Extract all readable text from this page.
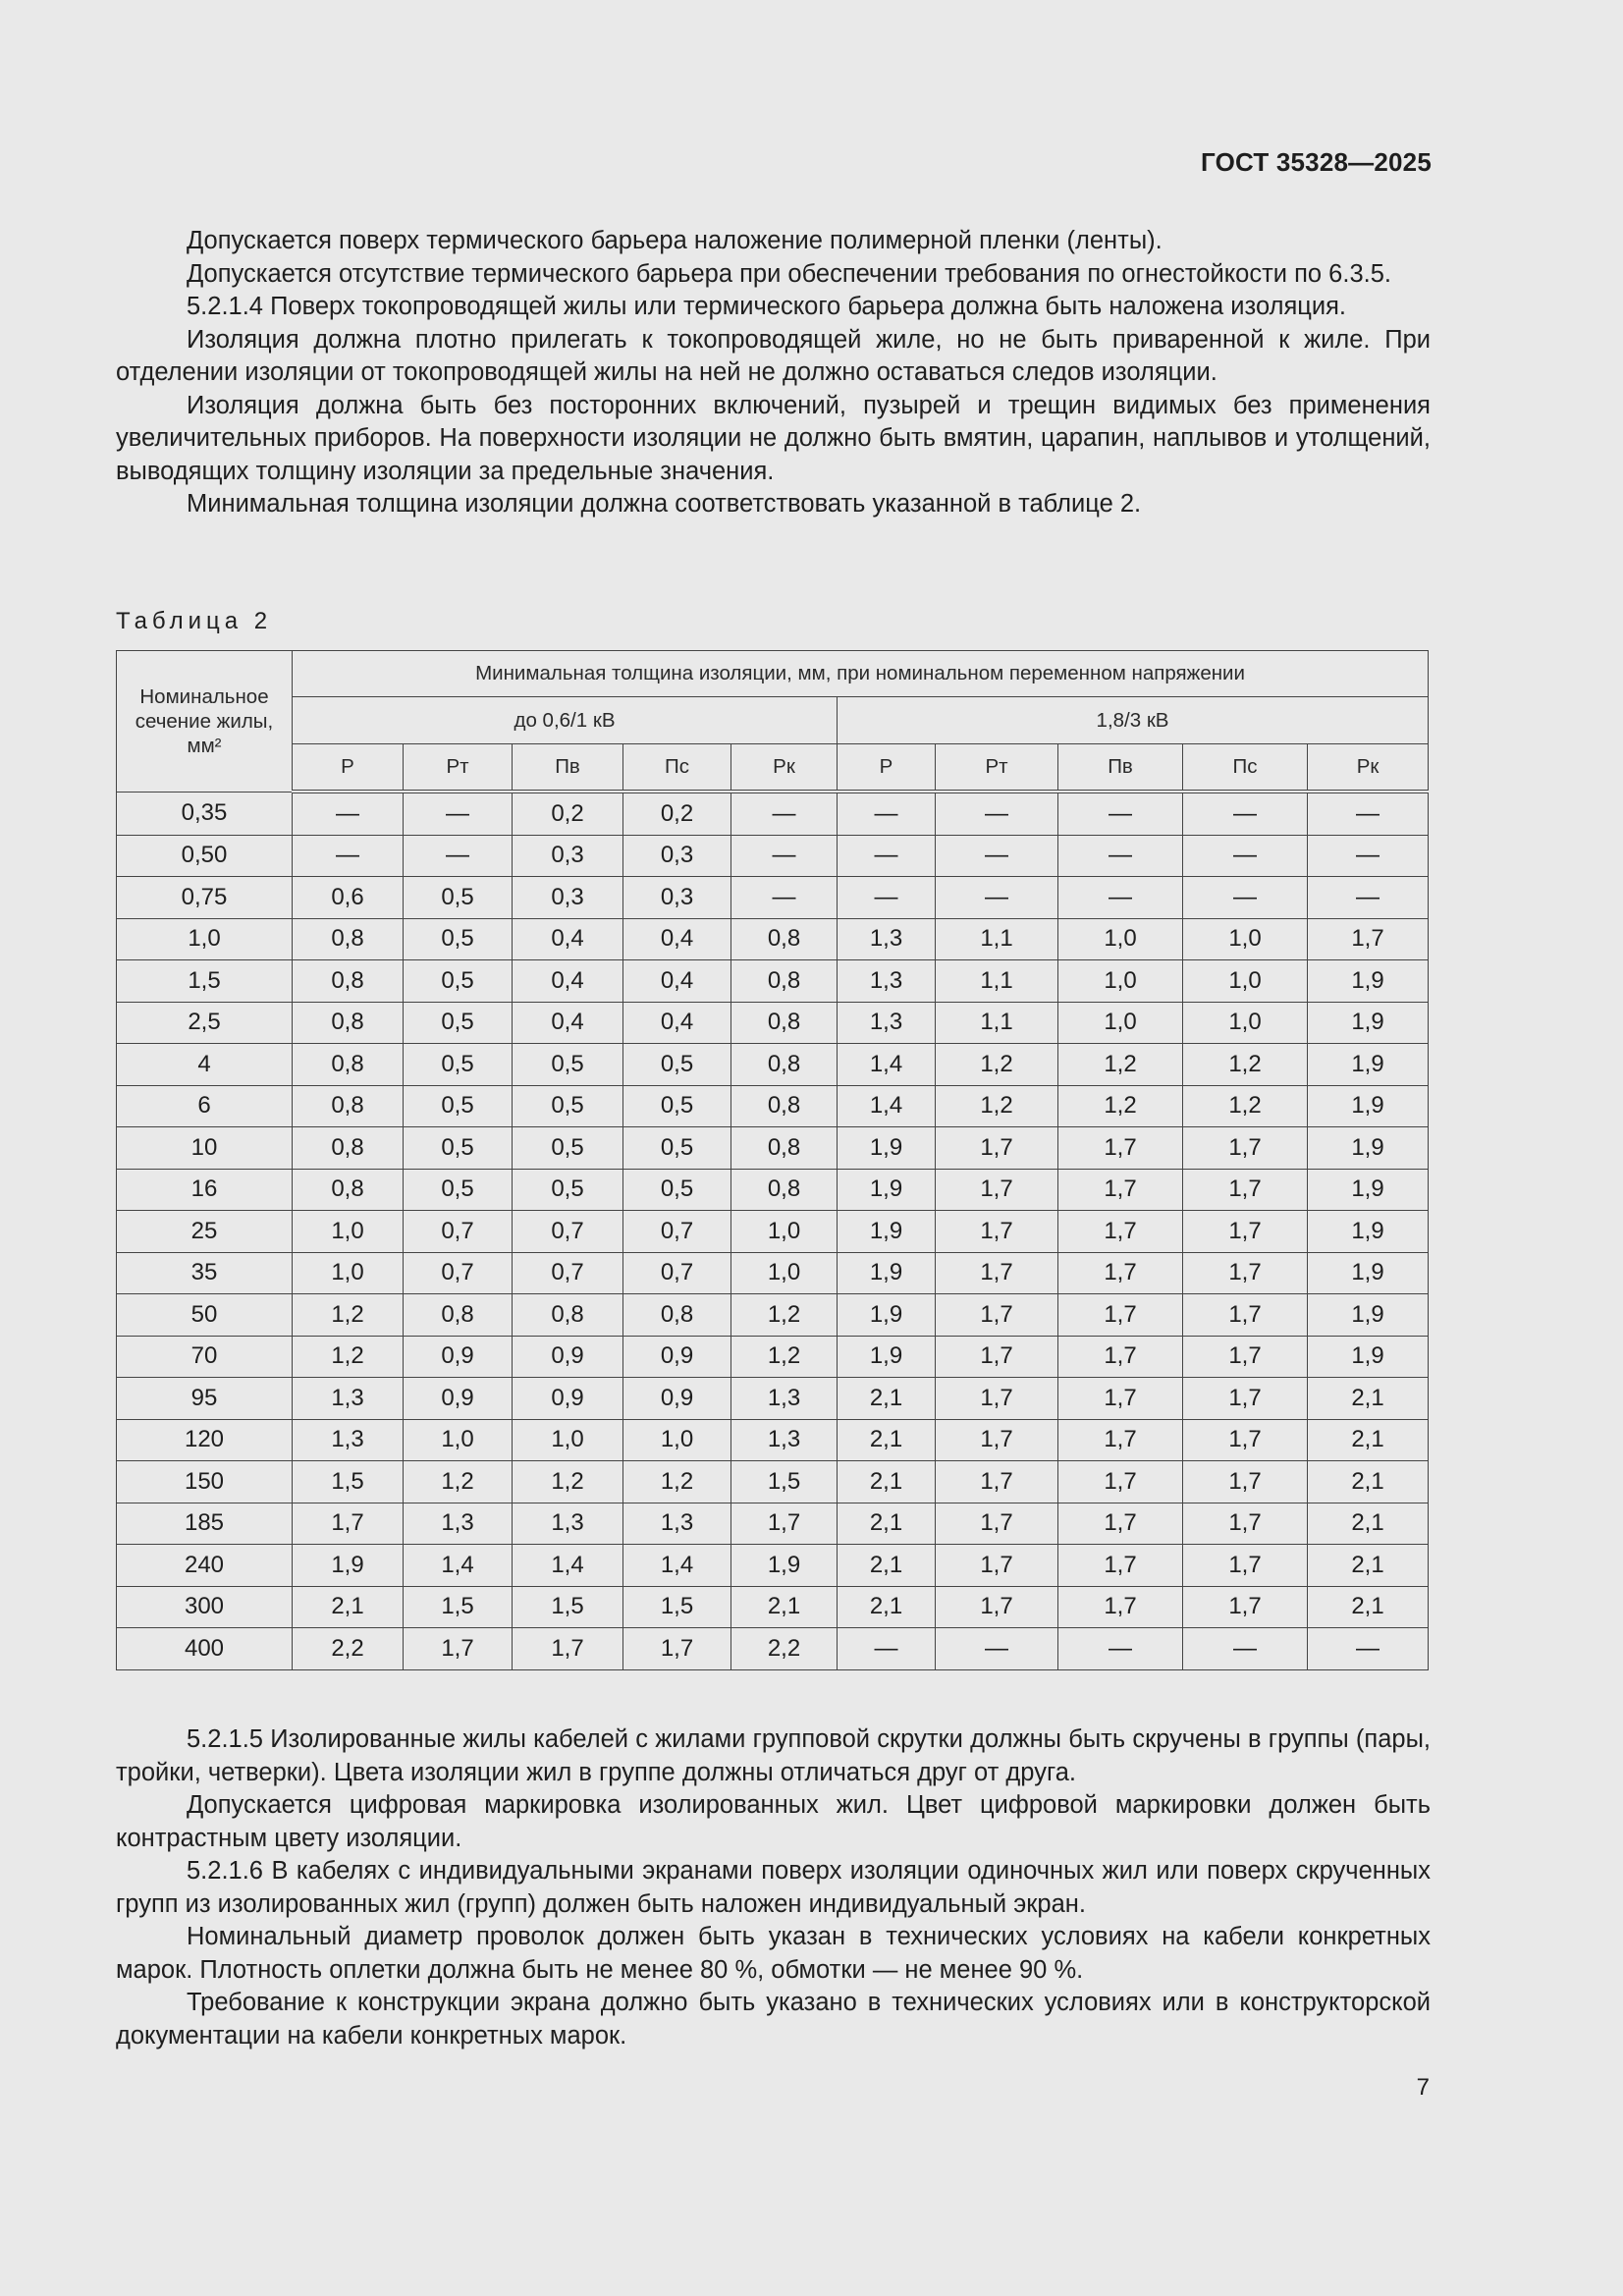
ГОСТ 35328—2025

Допускается поверх термического барьера наложение полимерной пленки (ленты).

Допускается отсутствие термического барьера при обеспечении требования по огнестойкости по 6.3.5.

5.2.1.4 Поверх токопроводящей жилы или термического барьера должна быть наложена изоляция.

Изоляция должна плотно прилегать к токопроводящей жиле, но не быть приваренной к жиле. При отделении изоляции от токопроводящей жилы на ней не должно оставаться следов изоляции.

Изоляция должна быть без посторонних включений, пузырей и трещин видимых без применения увеличительных приборов. На поверхности изоляции не должно быть вмятин, царапин, наплывов и утолщений, выводящих толщину изоляции за предельные значения.

Минимальная толщина изоляции должна соответствовать указанной в таблице 2.

Таблица 2
Номинальное сечение жилы, мм²	Минимальная толщина изоляции, мм, при номинальном переменном напряжении									
	до 0,6/1 кВ					1,8/3 кВ				
	Р	Рт	Пв	Пс	Рк	Р	Рт	Пв	Пс	Рк
0,35	—	—	0,2	0,2	—	—	—	—	—	—
0,50	—	—	0,3	0,3	—	—	—	—	—	—
0,75	0,6	0,5	0,3	0,3	—	—	—	—	—	—
1,0	0,8	0,5	0,4	0,4	0,8	1,3	1,1	1,0	1,0	1,7
1,5	0,8	0,5	0,4	0,4	0,8	1,3	1,1	1,0	1,0	1,9
2,5	0,8	0,5	0,4	0,4	0,8	1,3	1,1	1,0	1,0	1,9
4	0,8	0,5	0,5	0,5	0,8	1,4	1,2	1,2	1,2	1,9
6	0,8	0,5	0,5	0,5	0,8	1,4	1,2	1,2	1,2	1,9
10	0,8	0,5	0,5	0,5	0,8	1,9	1,7	1,7	1,7	1,9
16	0,8	0,5	0,5	0,5	0,8	1,9	1,7	1,7	1,7	1,9
25	1,0	0,7	0,7	0,7	1,0	1,9	1,7	1,7	1,7	1,9
35	1,0	0,7	0,7	0,7	1,0	1,9	1,7	1,7	1,7	1,9
50	1,2	0,8	0,8	0,8	1,2	1,9	1,7	1,7	1,7	1,9
70	1,2	0,9	0,9	0,9	1,2	1,9	1,7	1,7	1,7	1,9
95	1,3	0,9	0,9	0,9	1,3	2,1	1,7	1,7	1,7	2,1
120	1,3	1,0	1,0	1,0	1,3	2,1	1,7	1,7	1,7	2,1
150	1,5	1,2	1,2	1,2	1,5	2,1	1,7	1,7	1,7	2,1
185	1,7	1,3	1,3	1,3	1,7	2,1	1,7	1,7	1,7	2,1
240	1,9	1,4	1,4	1,4	1,9	2,1	1,7	1,7	1,7	2,1
300	2,1	1,5	1,5	1,5	2,1	2,1	1,7	1,7	1,7	2,1
400	2,2	1,7	1,7	1,7	2,2	—	—	—	—	—

5.2.1.5 Изолированные жилы кабелей с жилами групповой скрутки должны быть скручены в группы (пары, тройки, четверки). Цвета изоляции жил в группе должны отличаться друг от друга.

Допускается цифровая маркировка изолированных жил. Цвет цифровой маркировки должен быть контрастным цвету изоляции.

5.2.1.6 В кабелях с индивидуальными экранами поверх изоляции одиночных жил или поверх скрученных групп из изолированных жил (групп) должен быть наложен индивидуальный экран.

Номинальный диаметр проволок должен быть указан в технических условиях на кабели конкретных марок. Плотность оплетки должна быть не менее 80 %, обмотки — не менее 90 %.

Требование к конструкции экрана должно быть указано в технических условиях или в конструкторской документации на кабели конкретных марок.

7
